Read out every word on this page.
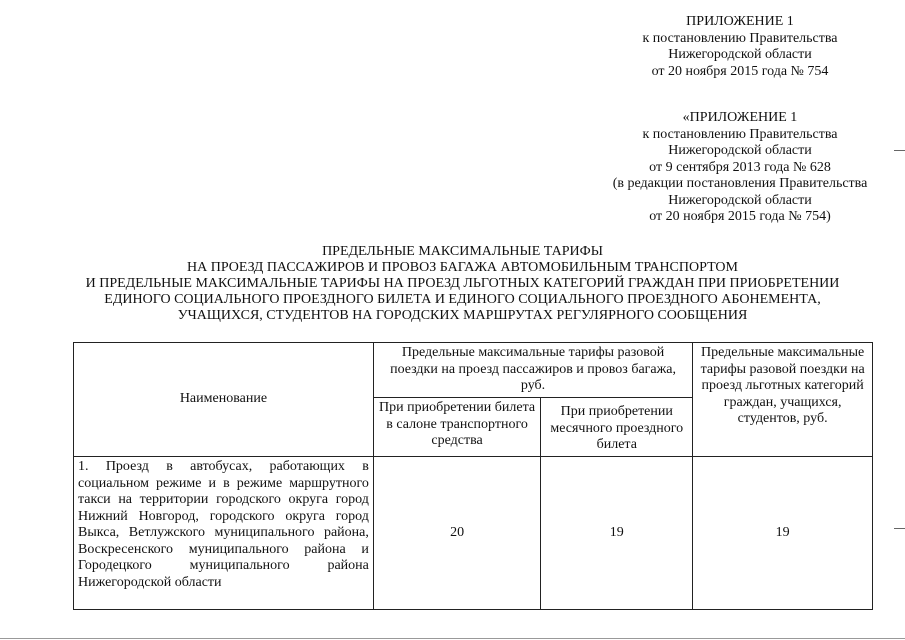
ПРИЛОЖЕНИЕ 1
к постановлению Правительства
Нижегородской области
от 20 ноября 2015 года № 754
«ПРИЛОЖЕНИЕ 1
к постановлению Правительства
Нижегородской области
от 9 сентября 2013 года № 628
(в редакции постановления Правительства
Нижегородской области
от 20 ноября 2015 года № 754)
ПРЕДЕЛЬНЫЕ МАКСИМАЛЬНЫЕ ТАРИФЫ
НА ПРОЕЗД ПАССАЖИРОВ И ПРОВОЗ БАГАЖА АВТОМОБИЛЬНЫМ ТРАНСПОРТОМ
И ПРЕДЕЛЬНЫЕ МАКСИМАЛЬНЫЕ ТАРИФЫ НА ПРОЕЗД ЛЬГОТНЫХ КАТЕГОРИЙ ГРАЖДАН ПРИ ПРИОБРЕТЕНИИ
ЕДИНОГО СОЦИАЛЬНОГО ПРОЕЗДНОГО БИЛЕТА И ЕДИНОГО СОЦИАЛЬНОГО ПРОЕЗДНОГО АБОНЕМЕНТА,
УЧАЩИХСЯ, СТУДЕНТОВ НА ГОРОДСКИХ МАРШРУТАХ РЕГУЛЯРНОГО СООБЩЕНИЯ
Наименование	Предельные максимальные тарифы разовой поездки на проезд пассажиров и провоз багажа, руб.		Предельные максимальные тарифы разовой поездки на проезд льготных категорий граждан, учащихся, студентов, руб.
	При приобретении билета в салоне транспортного средства	При приобретении месячного проездного билета	
1. Проезд в автобусах, работающих в социальном режиме и в режиме маршрутного такси на территории городского округа город Нижний Новгород, городского округа город Выкса, Ветлужского муниципального района, Воскресенского муниципального района и Городецкого муниципального района Нижегородской области	20	19	19
